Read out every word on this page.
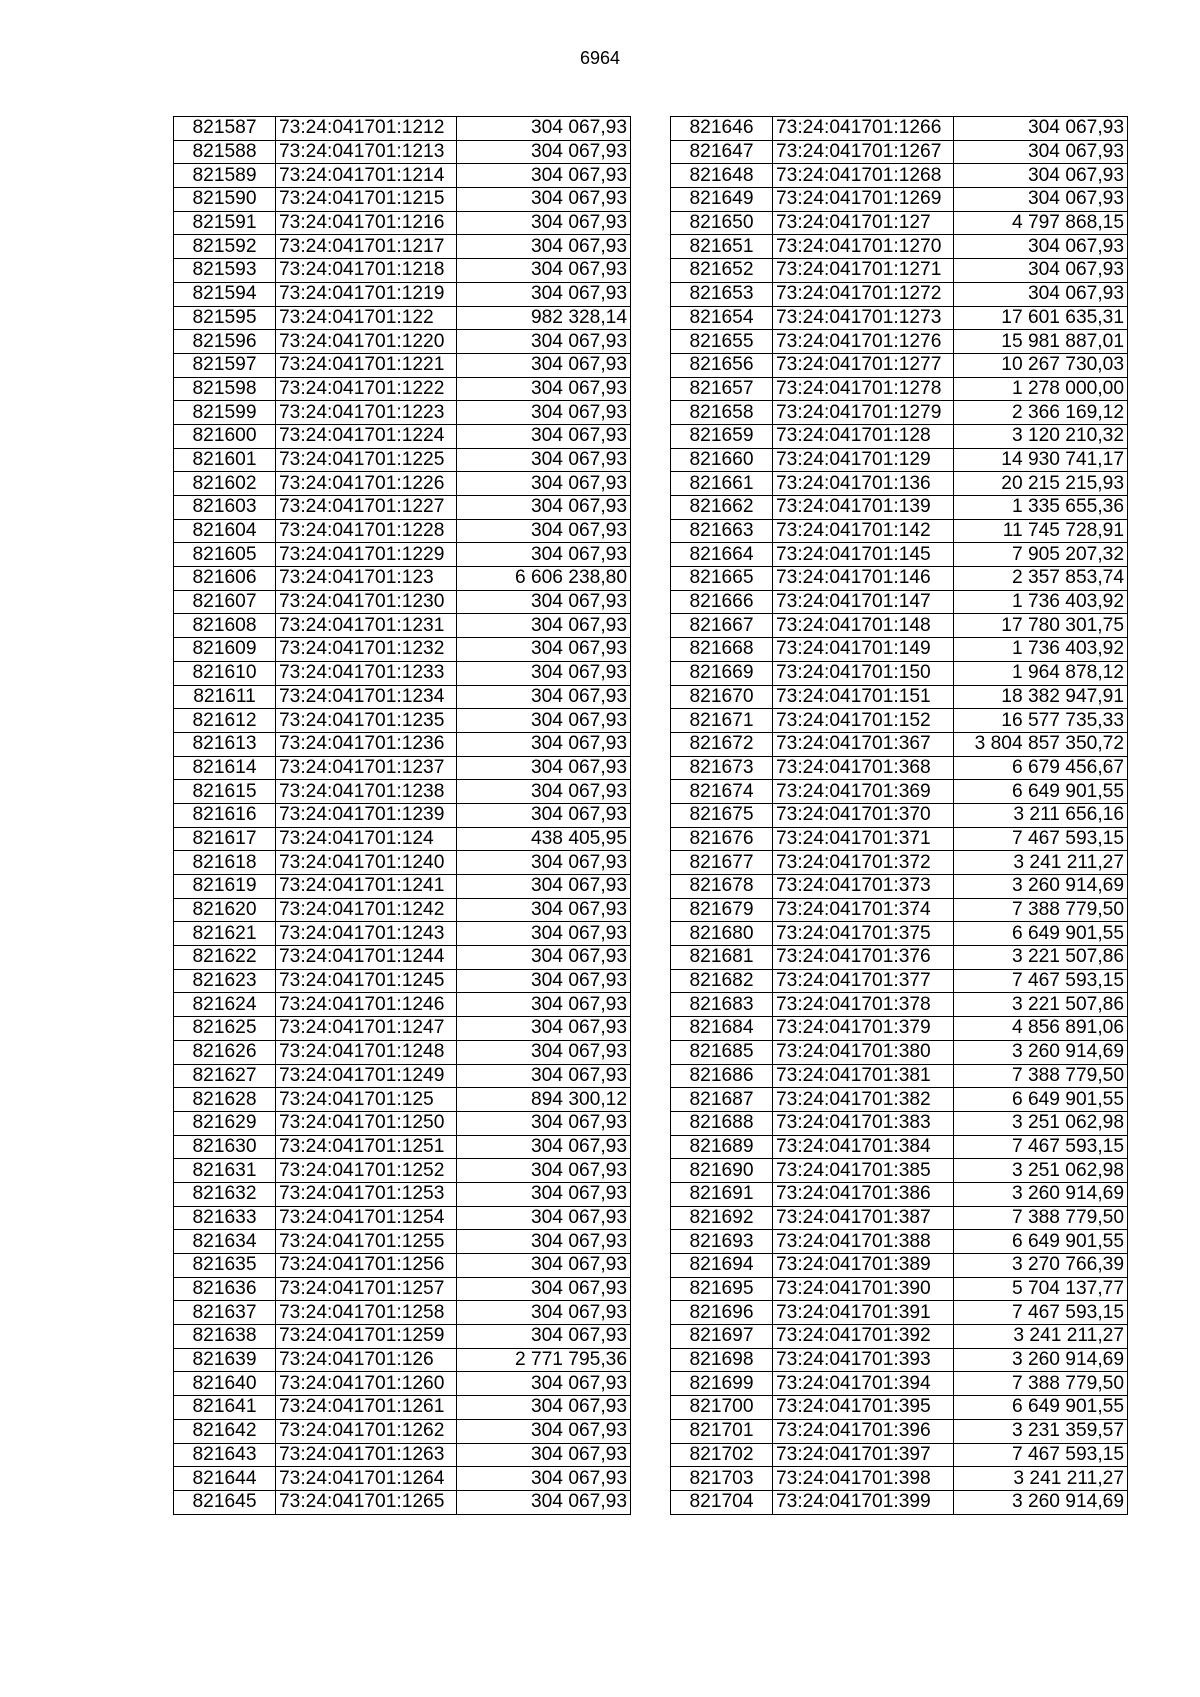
6964
821587	73:24:041701:1212	304 067,93
821588	73:24:041701:1213	304 067,93
821589	73:24:041701:1214	304 067,93
821590	73:24:041701:1215	304 067,93
821591	73:24:041701:1216	304 067,93
821592	73:24:041701:1217	304 067,93
821593	73:24:041701:1218	304 067,93
821594	73:24:041701:1219	304 067,93
821595	73:24:041701:122	982 328,14
821596	73:24:041701:1220	304 067,93
821597	73:24:041701:1221	304 067,93
821598	73:24:041701:1222	304 067,93
821599	73:24:041701:1223	304 067,93
821600	73:24:041701:1224	304 067,93
821601	73:24:041701:1225	304 067,93
821602	73:24:041701:1226	304 067,93
821603	73:24:041701:1227	304 067,93
821604	73:24:041701:1228	304 067,93
821605	73:24:041701:1229	304 067,93
821606	73:24:041701:123	6 606 238,80
821607	73:24:041701:1230	304 067,93
821608	73:24:041701:1231	304 067,93
821609	73:24:041701:1232	304 067,93
821610	73:24:041701:1233	304 067,93
821611	73:24:041701:1234	304 067,93
821612	73:24:041701:1235	304 067,93
821613	73:24:041701:1236	304 067,93
821614	73:24:041701:1237	304 067,93
821615	73:24:041701:1238	304 067,93
821616	73:24:041701:1239	304 067,93
821617	73:24:041701:124	438 405,95
821618	73:24:041701:1240	304 067,93
821619	73:24:041701:1241	304 067,93
821620	73:24:041701:1242	304 067,93
821621	73:24:041701:1243	304 067,93
821622	73:24:041701:1244	304 067,93
821623	73:24:041701:1245	304 067,93
821624	73:24:041701:1246	304 067,93
821625	73:24:041701:1247	304 067,93
821626	73:24:041701:1248	304 067,93
821627	73:24:041701:1249	304 067,93
821628	73:24:041701:125	894 300,12
821629	73:24:041701:1250	304 067,93
821630	73:24:041701:1251	304 067,93
821631	73:24:041701:1252	304 067,93
821632	73:24:041701:1253	304 067,93
821633	73:24:041701:1254	304 067,93
821634	73:24:041701:1255	304 067,93
821635	73:24:041701:1256	304 067,93
821636	73:24:041701:1257	304 067,93
821637	73:24:041701:1258	304 067,93
821638	73:24:041701:1259	304 067,93
821639	73:24:041701:126	2 771 795,36
821640	73:24:041701:1260	304 067,93
821641	73:24:041701:1261	304 067,93
821642	73:24:041701:1262	304 067,93
821643	73:24:041701:1263	304 067,93
821644	73:24:041701:1264	304 067,93
821645	73:24:041701:1265	304 067,93
821646	73:24:041701:1266	304 067,93
821647	73:24:041701:1267	304 067,93
821648	73:24:041701:1268	304 067,93
821649	73:24:041701:1269	304 067,93
821650	73:24:041701:127	4 797 868,15
821651	73:24:041701:1270	304 067,93
821652	73:24:041701:1271	304 067,93
821653	73:24:041701:1272	304 067,93
821654	73:24:041701:1273	17 601 635,31
821655	73:24:041701:1276	15 981 887,01
821656	73:24:041701:1277	10 267 730,03
821657	73:24:041701:1278	1 278 000,00
821658	73:24:041701:1279	2 366 169,12
821659	73:24:041701:128	3 120 210,32
821660	73:24:041701:129	14 930 741,17
821661	73:24:041701:136	20 215 215,93
821662	73:24:041701:139	1 335 655,36
821663	73:24:041701:142	11 745 728,91
821664	73:24:041701:145	7 905 207,32
821665	73:24:041701:146	2 357 853,74
821666	73:24:041701:147	1 736 403,92
821667	73:24:041701:148	17 780 301,75
821668	73:24:041701:149	1 736 403,92
821669	73:24:041701:150	1 964 878,12
821670	73:24:041701:151	18 382 947,91
821671	73:24:041701:152	16 577 735,33
821672	73:24:041701:367	3 804 857 350,72
821673	73:24:041701:368	6 679 456,67
821674	73:24:041701:369	6 649 901,55
821675	73:24:041701:370	3 211 656,16
821676	73:24:041701:371	7 467 593,15
821677	73:24:041701:372	3 241 211,27
821678	73:24:041701:373	3 260 914,69
821679	73:24:041701:374	7 388 779,50
821680	73:24:041701:375	6 649 901,55
821681	73:24:041701:376	3 221 507,86
821682	73:24:041701:377	7 467 593,15
821683	73:24:041701:378	3 221 507,86
821684	73:24:041701:379	4 856 891,06
821685	73:24:041701:380	3 260 914,69
821686	73:24:041701:381	7 388 779,50
821687	73:24:041701:382	6 649 901,55
821688	73:24:041701:383	3 251 062,98
821689	73:24:041701:384	7 467 593,15
821690	73:24:041701:385	3 251 062,98
821691	73:24:041701:386	3 260 914,69
821692	73:24:041701:387	7 388 779,50
821693	73:24:041701:388	6 649 901,55
821694	73:24:041701:389	3 270 766,39
821695	73:24:041701:390	5 704 137,77
821696	73:24:041701:391	7 467 593,15
821697	73:24:041701:392	3 241 211,27
821698	73:24:041701:393	3 260 914,69
821699	73:24:041701:394	7 388 779,50
821700	73:24:041701:395	6 649 901,55
821701	73:24:041701:396	3 231 359,57
821702	73:24:041701:397	7 467 593,15
821703	73:24:041701:398	3 241 211,27
821704	73:24:041701:399	3 260 914,69
